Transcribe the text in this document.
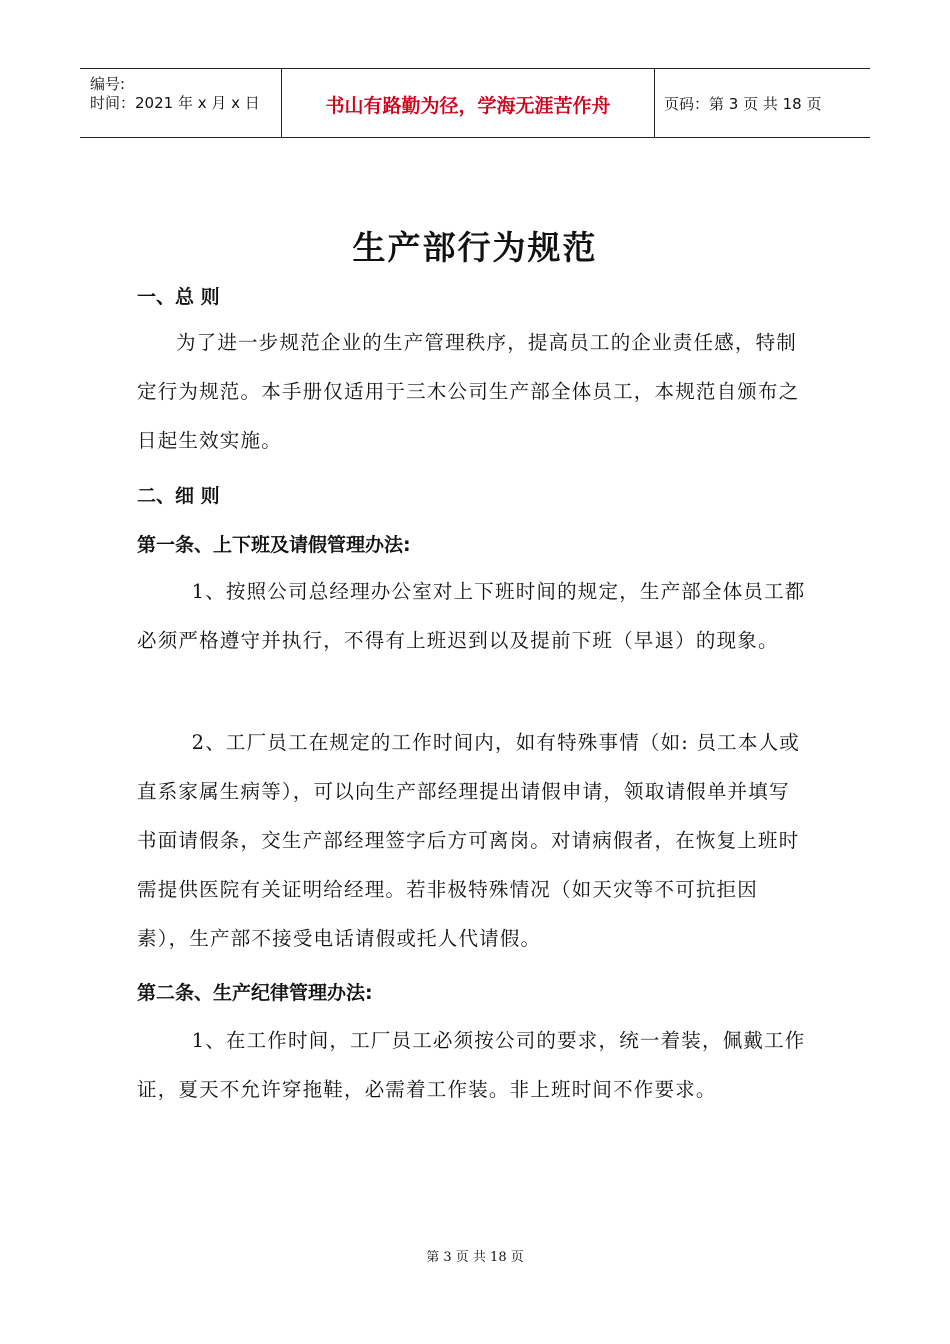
编号:
时间：2021 年 x 月 x 日	书山有路勤为径，学海无涯苦作舟	页码：第 3 页 共 18 页
生产部行为规范
一、总 则
为了进一步规范企业的生产管理秩序，提高员工的企业责任感，特制定行为规范。本手册仅适用于三木公司生产部全体员工，本规范自颁布之日起生效实施。
二、细 则
第一条、上下班及请假管理办法:
1、按照公司总经理办公室对上下班时间的规定，生产部全体员工都必须严格遵守并执行，不得有上班迟到以及提前下班（早退）的现象。
2、工厂员工在规定的工作时间内，如有特殊事情（如: 员工本人或直系家属生病等），可以向生产部经理提出请假申请，领取请假单并填写书面请假条，交生产部经理签字后方可离岗。对请病假者，在恢复上班时需提供医院有关证明给经理。若非极特殊情况（如天灾等不可抗拒因素），生产部不接受电话请假或托人代请假。
第二条、生产纪律管理办法:
1、在工作时间，工厂员工必须按公司的要求，统一着装，佩戴工作证，夏天不允许穿拖鞋，必需着工作装。非上班时间不作要求。
第 3 页 共 18 页
